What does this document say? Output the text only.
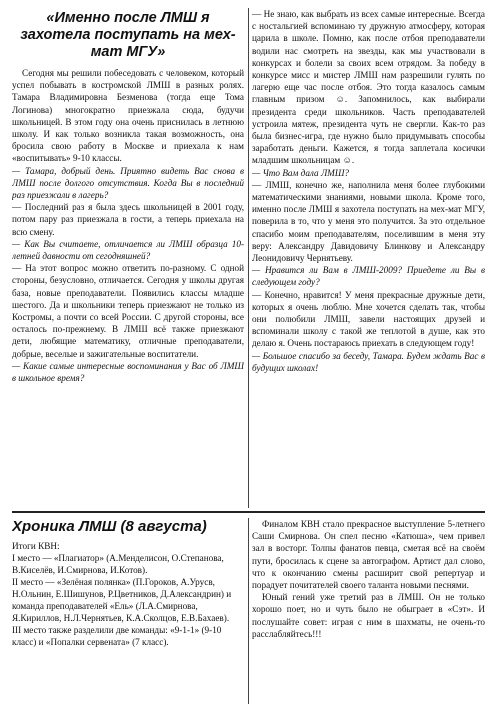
«Именно после ЛМШ я захотела поступать на мех-мат МГУ»

Сегодня мы решили побеседовать с человеком, который успел побывать в костромской ЛМШ в разных ролях. Тамара Владимировна Безменова (тогда еще Тома Логинова) многократно приезжала сюда, будучи школьницей. В этом году она очень приснилась в летнюю школу. И как только возникла такая возможность, она бросила свою работу в Москве и приехала к нам «воспитывать» 9-10 классы.

— Тамара, добрый день. Приятно видеть Вас снова в ЛМШ после долгого отсутствия. Когда Вы в последний раз приезжали в лагерь?

— Последний раз я была здесь школьницей в 2001 году, потом пару раз приезжала в гости, а теперь приехала на всю смену.

— Как Вы считаете, отличается ли ЛМШ образца 10-летней давности от сегодняшней?

— На этот вопрос можно ответить по-разному. С одной стороны, безусловно, отличается. Сегодня у школы другая база, новые преподаватели. Появились классы младше шестого. Да и школьники теперь приезжают не только из Костромы, а почти со всей России. С другой стороны, все осталось по-прежнему. В ЛМШ всё также приезжают дети, любящие математику, отличные преподаватели, добрые, веселые и зажигательные воспитатели.

— Какие самые интересные воспоминания у Вас об ЛМШ в школьное время?

— Не знаю, как выбрать из всех самые интересные. Всегда с ностальгией вспоминаю ту дружную атмосферу, которая царила в школе. Помню, как после отбоя преподаватели водили нас смотреть на звезды, как мы участвовали в конкурсах и болели за своих всем отрядом. За победу в конкурсе мисс и мистер ЛМШ нам разрешили гулять по лагерю еще час после отбоя. Это тогда казалось самым главным призом ☺. Запомнилось, как выбирали президента среди школьников. Часть преподавателей устроила мятеж, президента чуть не свергли. Как-то раз была бизнес-игра, где нужно было придумывать способы заработать деньги. Кажется, я тогда заплетала косички младшим школьницам ☺.

— Что Вам дала ЛМШ?

— ЛМШ, конечно же, наполнила меня более глубокими математическими знаниями, новыми школа. Кроме того, именно после ЛМШ я захотела поступать на мех-мат МГУ, поверила в то, что у меня это получится. За это отдельное спасибо моим преподавателям, поселившим в меня эту веру: Александру Давидовичу Блинкову и Александру Леонидовичу Чернятьеву.

— Нравится ли Вам в ЛМШ-2009? Приедете ли Вы в следующем году?

— Конечно, нравится! У меня прекрасные дружные дети, которых я очень люблю. Мне хочется сделать так, чтобы они полюбили ЛМШ, завели настоящих друзей и вспоминали школу с такой же теплотой в душе, как это делаю я. Очень постараюсь приехать в следующем году!

— Большое спасибо за беседу, Тамара. Будем ждать Вас в будущих школах!

Хроника ЛМШ (8 августа)

Итоги КВН:

I место — «Плагиатор» (А.Менделисон, О.Степанова, В.Киселёв, И.Смирнова, И.Котов).

II место — «Зелёная полянка» (П.Гороков, А.Урусв, Н.Ольнин, Е.Шишунов, Р.Цветников, Д.Александрин) и команда преподавателей «Ель» (Л.А.Смирнова, Я.Кириллов, Н.Л.Чернятьев, К.А.Сколцов, Е.В.Бахаев).

III место также разделили две команды: «9-1-1» (9-10 класс) и «Попалки сервената» (7 класс).

Финалом КВН стало прекрасное выступление 5-летнего Саши Смирнова. Он спел песню «Катюша», чем привел зал в восторг. Толпы фанатов певца, сметая всё на своём пути, бросилась к сцене за автографом. Артист дал слово, что к окончанию смены расширит свой репертуар и порадует почитателей своего таланта новыми песнями.

Юный гений уже третий раз в ЛМШ. Он не только хорошо поет, но и чуть было не обыграет в «Сэт». И послушайте совет: играя с ним в шахматы, не очень-то расслабляйтесь!!!
